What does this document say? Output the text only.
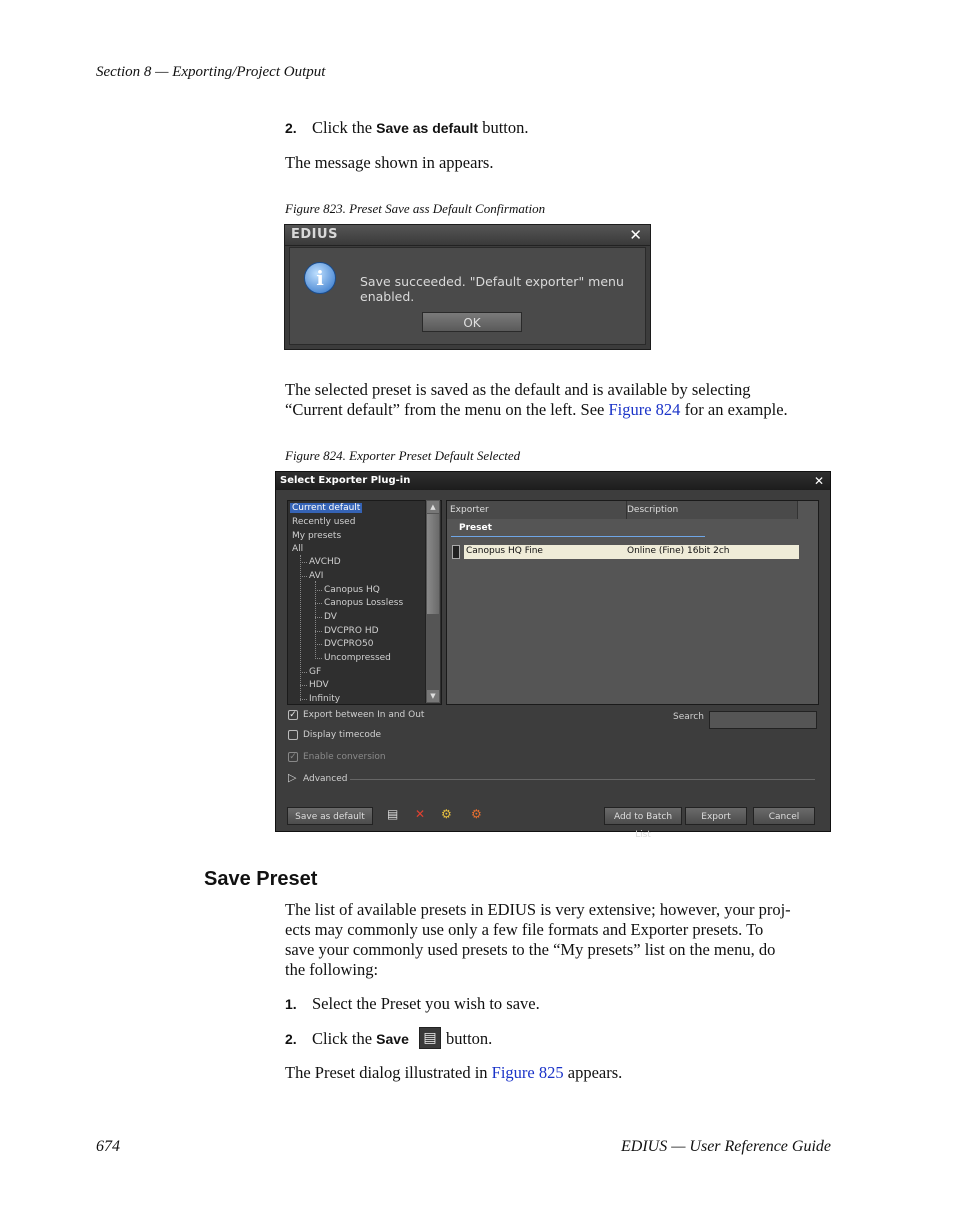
Section 8 — Exporting/Project Output
2. Click the Save as default button.
The message shown in appears.
Figure 823. Preset Save ass Default Confirmation
EDIUS	✕
i	Save succeeded. "Default exporter" menu enabled.
OK
The selected preset is saved as the default and is available by selecting
“Current default” from the menu on the left. See Figure 824 for an example.
Figure 824. Exporter Preset Default Selected
Select Exporter Plug-in	✕
Current default
Recently used
My presets
All
AVCHD
AVI
Canopus HQ
Canopus Lossless
DV
DVCPRO HD
DVCPRO50
Uncompressed
GF
HDV
Infinity
▲
▼
Exporter	Description
Preset
Canopus HQ Fine	Online (Fine) 16bit 2ch
✓ Export between In and Out	Search
Display timecode
✓ Enable conversion
▷ Advanced
Save as default	▤ ✕ ⚙ ⚙	Add to Batch List
Export	Cancel
Save Preset
The list of available presets in EDIUS is very extensive; however, your proj-
ects may commonly use only a few file formats and Exporter presets. To
save your commonly used presets to the “My presets” list on the menu, do
the following:
1. Select the Preset you wish to save.
2. Click the Save button.
▤
The Preset dialog illustrated in Figure 825 appears.
674	EDIUS — User Reference Guide
